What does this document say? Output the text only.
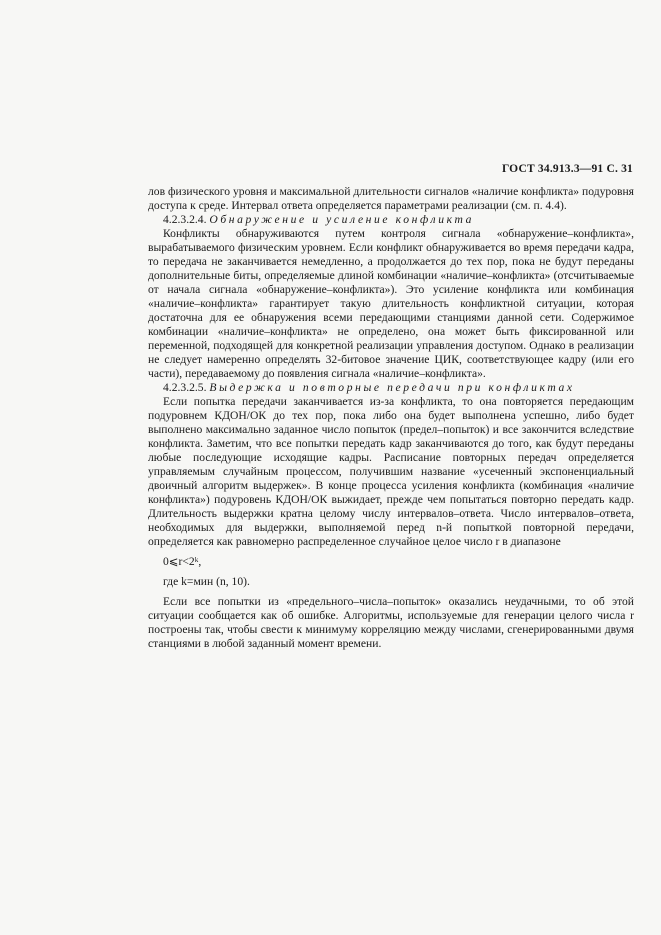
ГОСТ 34.913.3—91 С. 31

лов физического уровня и максимальной длительности сигналов «наличие конфликта» подуровня доступа к среде. Интервал ответа определяется параметрами реализации (см. п. 4.4).

4.2.3.2.4. Обнаружение и усиление конфликта

Конфликты обнаруживаются путем контроля сигнала «обнаружение–конфликта», вырабатываемого физическим уровнем. Если конфликт обнаруживается во время передачи кадра, то передача не заканчивается немедленно, а продолжается до тех пор, пока не будут переданы дополнительные биты, определяемые длиной комбинации «наличие–конфликта» (отсчитываемые от начала сигнала «обнаружение–конфликта»). Это усиление конфликта или комбинация «наличие–конфликта» гарантирует такую длительность конфликтной ситуации, которая достаточна для ее обнаружения всеми передающими станциями данной сети. Содержимое комбинации «наличие–конфликта» не определено, она может быть фиксированной или переменной, подходящей для конкретной реализации управления доступом. Однако в реализации не следует намеренно определять 32-битовое значение ЦИК, соответствующее кадру (или его части), передаваемому до появления сигнала «наличие–конфликта».

4.2.3.2.5. Выдержка и повторные передачи при конфликтах

Если попытка передачи заканчивается из-за конфликта, то она повторяется передающим подуровнем КДОН/ОК до тех пор, пока либо она будет выполнена успешно, либо будет выполнено максимально заданное число попыток (предел–попыток) и все закончится вследствие конфликта. Заметим, что все попытки передать кадр заканчиваются до того, как будут переданы любые последующие исходящие кадры. Расписание повторных передач определяется управляемым случайным процессом, получившим название «усеченный экспоненциальный двоичный алгоритм выдержек». В конце процесса усиления конфликта (комбинация «наличие конфликта») подуровень КДОН/ОК выжидает, прежде чем попытаться повторно передать кадр. Длительность выдержки кратна целому числу интервалов–ответа. Число интервалов–ответа, необходимых для выдержки, выполняемой перед n-й попыткой повторной передачи, определяется как равномерно распределенное случайное целое число r в диапазоне

0⩽r<2ᵏ,

где k=мин (n, 10).

Если все попытки из «предельного–числа–попыток» оказались неудачными, то об этой ситуации сообщается как об ошибке. Алгоритмы, используемые для генерации целого числа r построены так, чтобы свести к минимуму корреляцию между числами, сгенерированными двумя станциями в любой заданный момент времени.
